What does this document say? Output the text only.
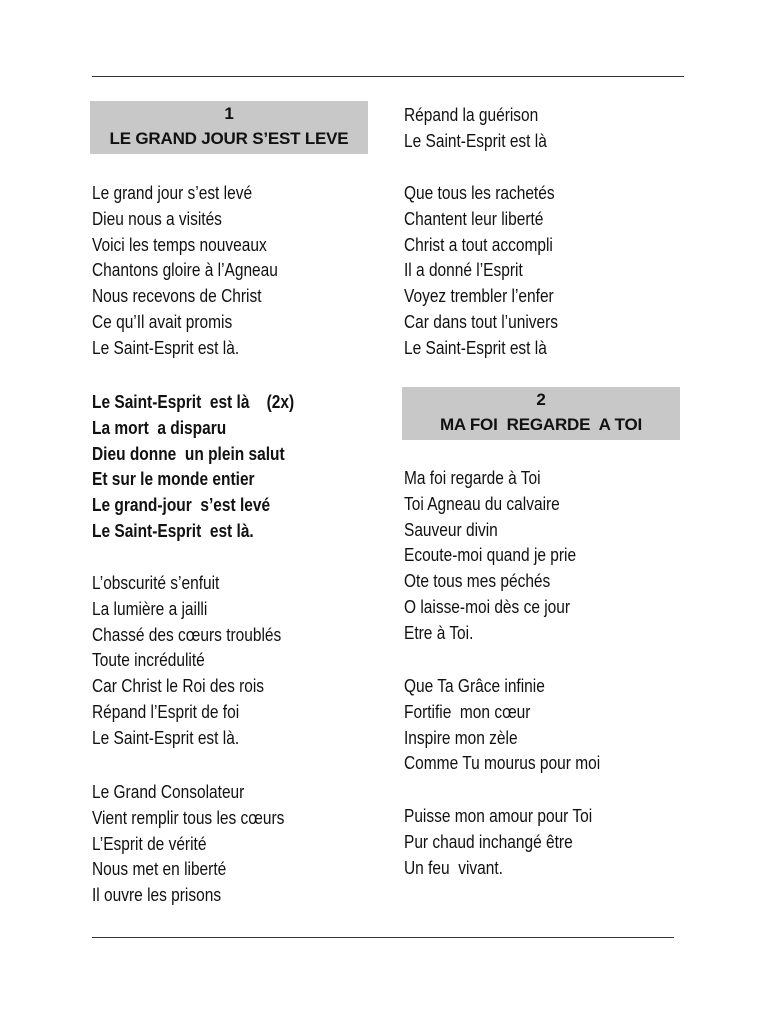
1
LE GRAND JOUR S’EST LEVE
Le grand jour s’est levé
Dieu nous a visités
Voici les temps nouveaux
Chantons gloire à l’Agneau
Nous recevons de Christ
Ce qu’Il avait promis
Le Saint-Esprit est là.
Le Saint-Esprit  est là    (2x)
La mort  a disparu
Dieu donne  un plein salut
Et sur le monde entier
Le grand-jour  s’est levé
Le Saint-Esprit  est là.
L’obscurité s’enfuit
La lumière a jailli
Chassé des cœurs troublés
Toute incrédulité
Car Christ le Roi des rois
Répand l’Esprit de foi
Le Saint-Esprit est là.
Le Grand Consolateur
Vient remplir tous les cœurs
L’Esprit de vérité
Nous met en liberté
Il ouvre les prisons
Répand la guérison
Le Saint-Esprit est là
Que tous les rachetés
Chantent leur liberté
Christ a tout accompli
Il a donné l’Esprit
Voyez trembler l’enfer
Car dans tout l’univers
Le Saint-Esprit est là
2
MA FOI  REGARDE  A TOI
Ma foi regarde à Toi
Toi Agneau du calvaire
Sauveur divin
Ecoute-moi quand je prie
Ote tous mes péchés
O laisse-moi dès ce jour
Etre à Toi.
Que Ta Grâce infinie
Fortifie  mon cœur
Inspire mon zèle
Comme Tu mourus pour moi
Puisse mon amour pour Toi
Pur chaud inchangé être
Un feu  vivant.
